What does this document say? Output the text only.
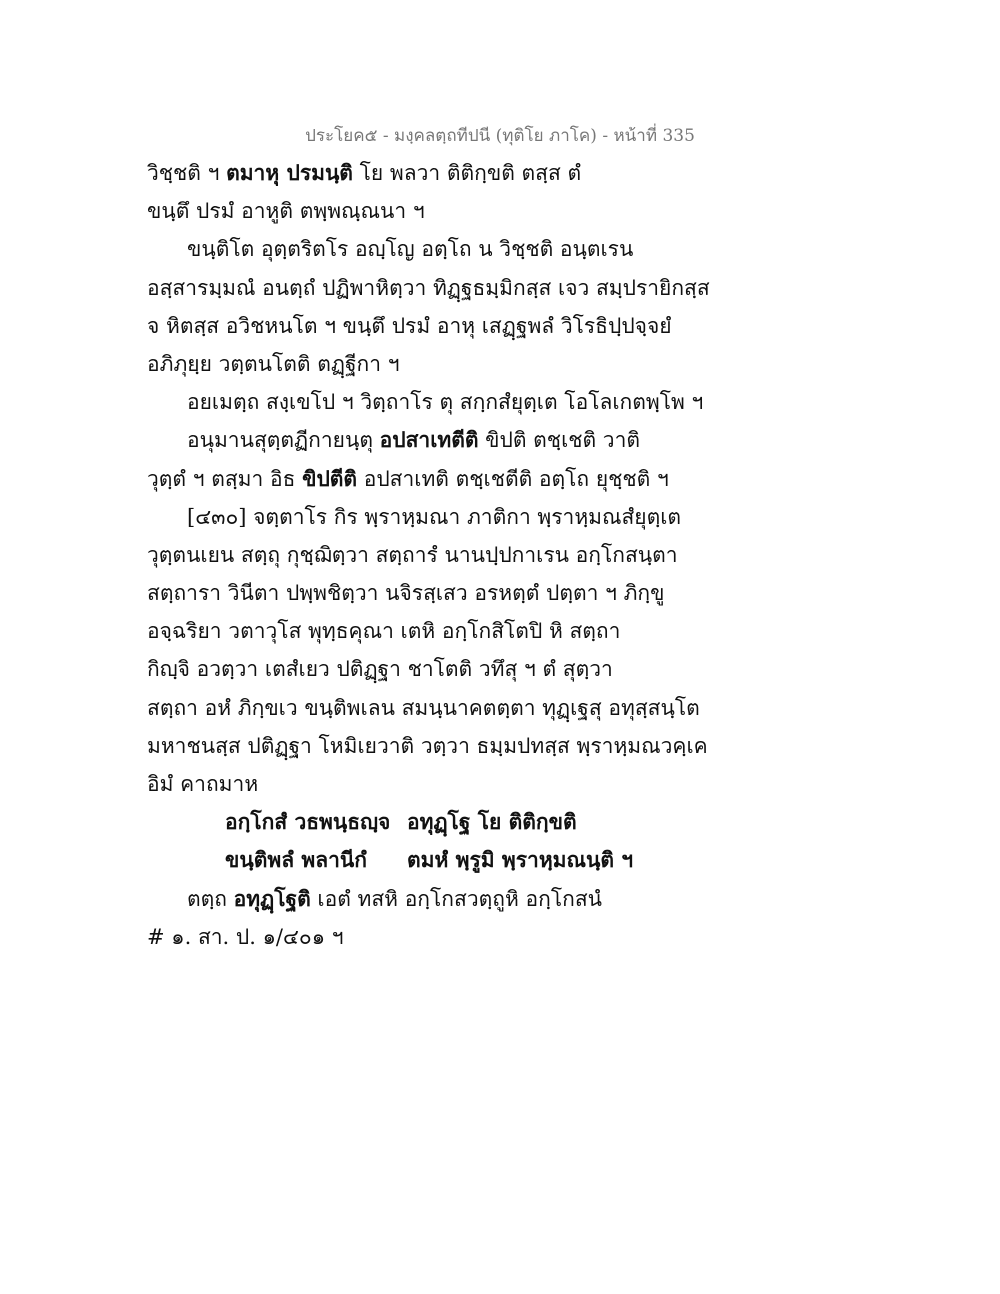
ประโยค๕ - มงฺคลตฺถทีปนี (ทุติโย ภาโค) - หน้าที่ 335
วิชฺชติ ฯ ตมาหุ ปรมนฺติ โย พลวา ติติกฺขติ ตสฺส ตํ
ขนฺตึ ปรมํ อาหูติ ตพฺพณฺณนา ฯ
ขนฺติโต อุตฺตริตโร อญฺโญ อตฺโถ น วิชฺชติ อนฺตเรน
อสฺสารมฺมณํ อนตฺถํ ปฏิพาหิตฺวา ทิฏฺฐธมฺมิกสฺส เจว สมฺปรายิกสฺส
จ หิตสฺส อวิชหนโต ฯ ขนฺตึ ปรมํ อาหุ เสฏฺฐพลํ วิโรธิปฺปจฺจยํ
อภิภุยฺย วตฺตนโตติ ตฏฺฐีกา ฯ
อยเมตฺถ สงฺเขโป ฯ วิตฺถาโร ตุ สกฺกสํยุตฺเต โอโลเกตพฺโพ ฯ
อนุมานสุตฺตฏีกายนฺตุ อปสาเทตีติ ขิปติ ตชฺเชติ วาติ
วุตฺตํ ฯ ตสฺมา อิธ ขิปตีติ อปสาเทติ ตชฺเชตีติ อตฺโถ ยุชฺชติ ฯ
[๔๓๐] จตฺตาโร กิร พฺราหฺมณา ภาติกา พฺราหฺมณสํยุตฺเต
วุตฺตนเยน สตฺถุ กุชฺฌิตฺวา สตฺถารํ นานปฺปกาเรน อกฺโกสนฺตา
สตฺถารา วินีตา ปพฺพชิตฺวา นจิรสฺเสว อรหตฺตํ ปตฺตา ฯ ภิกฺขู
อจฺฉริยา วตาวุโส พุทฺธคุณา เตหิ อกฺโกสิโตปิ หิ สตฺถา
กิญฺจิ อวตฺวา เตสํเยว ปติฏฺฐา ชาโตติ วทึสุ ฯ ตํ สุตฺวา
สตฺถา อหํ ภิกฺขเว ขนฺติพเลน สมนฺนาคตตฺตา ทุฏฺเฐสุ อทุสฺสนฺโต
มหาชนสฺส ปติฏฺฐา โหมิเยวาติ วตฺวา ธมฺมปทสฺส พฺราหฺมณวคฺเค
อิมํ คาถมาห
อกฺโกสํ วธพนฺธญฺจ อทุฏฺโฐ โย ติติกฺขติ
ขนฺติพลํ พลานีกํ ตมหํ พฺรูมิ พฺราหฺมณนฺติ ฯ
ตตฺถ อทุฏฺโฐติ เอตํ ทสหิ อกฺโกสวตฺถูหิ อกฺโกสนํ
# ๑. สา. ป. ๑/๔๐๑ ฯ
